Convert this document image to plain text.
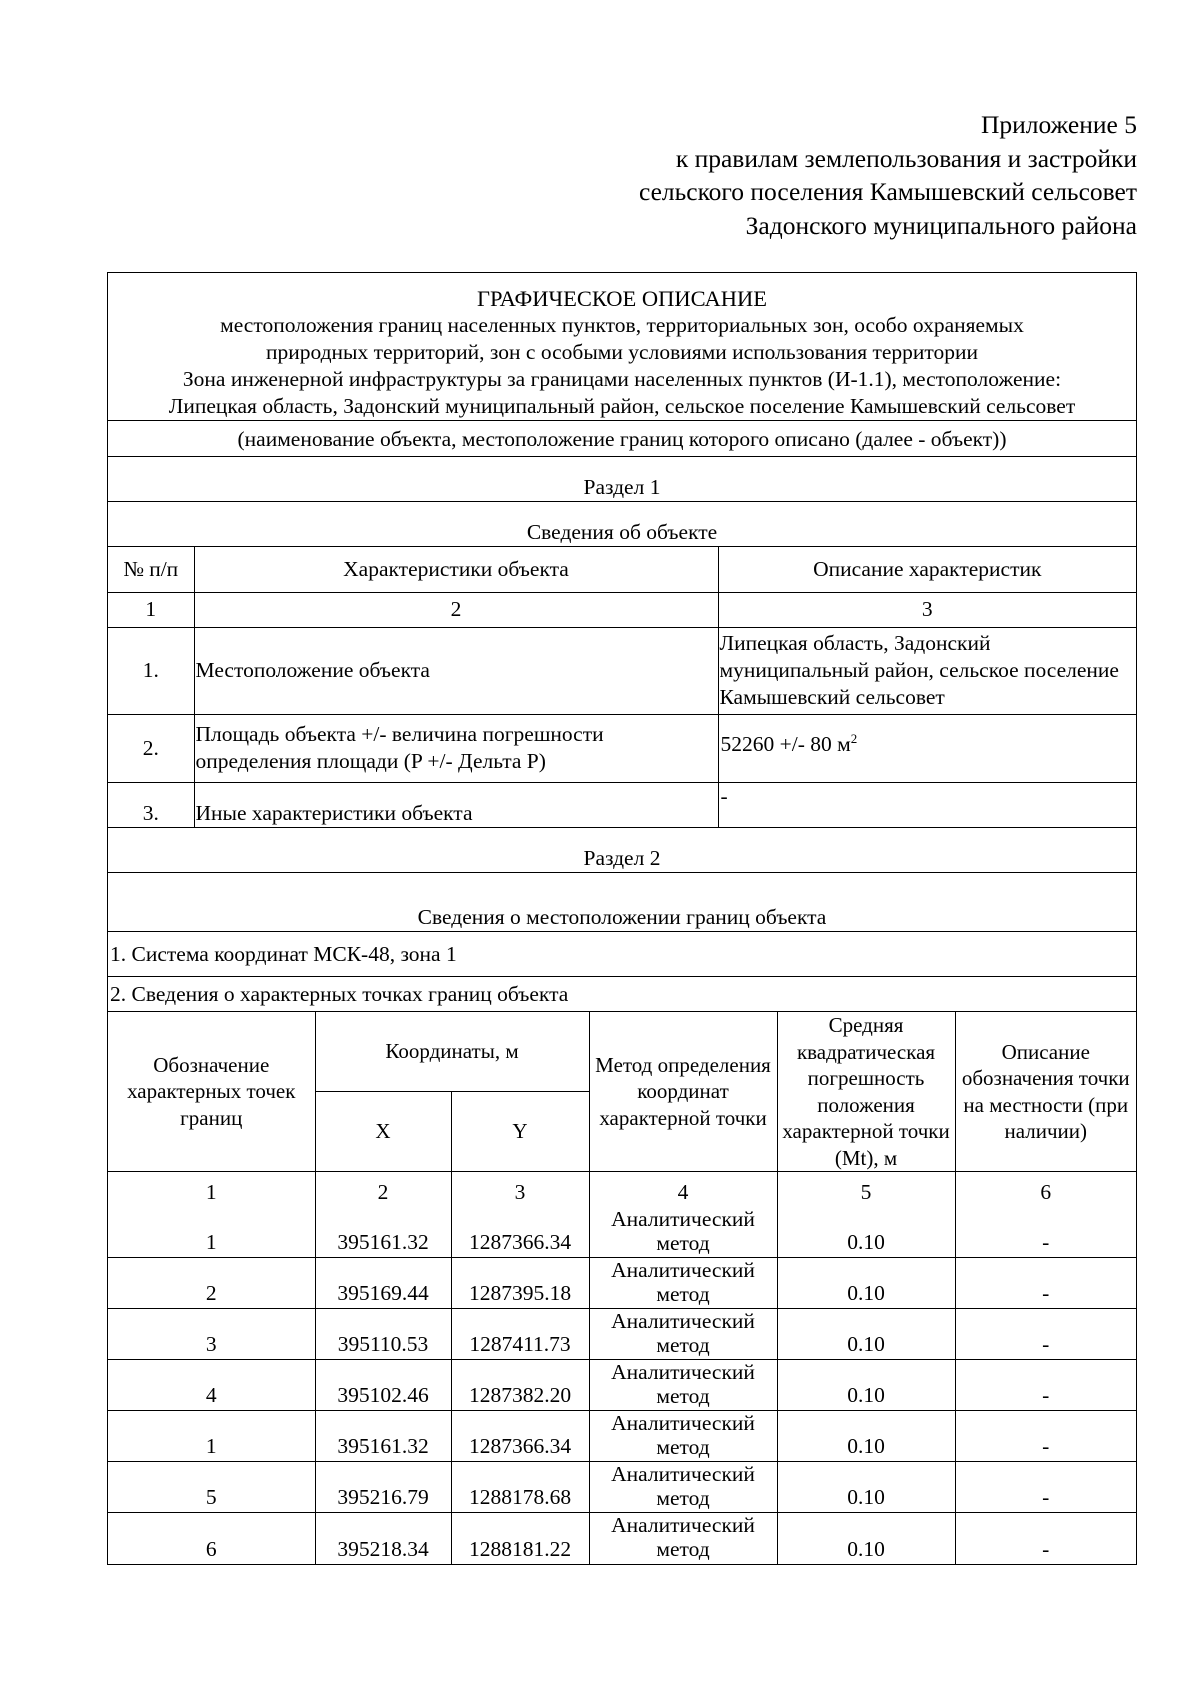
Приложение 5
к правилам землепользования и застройки
сельского поселения Камышевский сельсовет
Задонского муниципального района
ГРАФИЧЕСКОЕ ОПИСАНИЕ
местоположения границ населенных пунктов, территориальных зон, особо охраняемых
природных территорий, зон с особыми условиями использования территории
Зона инженерной инфраструктуры за границами населенных пунктов (И-1.1), местоположение:
Липецкая область, Задонский муниципальный район, сельское поселение Камышевский сельсовет
(наименование объекта, местоположение границ которого описано (далее - объект))
Раздел 1
Сведения об объекте
№ п/п	Характеристики объекта	Описание характеристик
1	2	3
1.	Местоположение объекта	Липецкая область, Задонский муниципальный район, сельское поселение Камышевский сельсовет
2.	Площадь объекта +/- величина погрешности определения площади (P +/- Дельта P)	52260 +/- 80 $м^2$
3.	Иные характеристики объекта	-
Раздел 2
Сведения о местоположении границ объекта
1. Система координат МСК-48, зона 1
2. Сведения о характерных точках границ объекта
Обозначение характерных точек границ	Координаты, м		Метод определения координат характерной точки	Средняя квадратическая погрешность положения характерной точки (Mt), м	Описание обозначения точки на местности (при наличии)
	X	Y			
1	2	3	4	5	6
1	395161.32	1287366.34	Аналитический метод	0.10	-
2	395169.44	1287395.18	Аналитический метод	0.10	-
3	395110.53	1287411.73	Аналитический метод	0.10	-
4	395102.46	1287382.20	Аналитический метод	0.10	-
1	395161.32	1287366.34	Аналитический метод	0.10	-
5	395216.79	1288178.68	Аналитический метод	0.10	-
6	395218.34	1288181.22	Аналитический метод	0.10	-
